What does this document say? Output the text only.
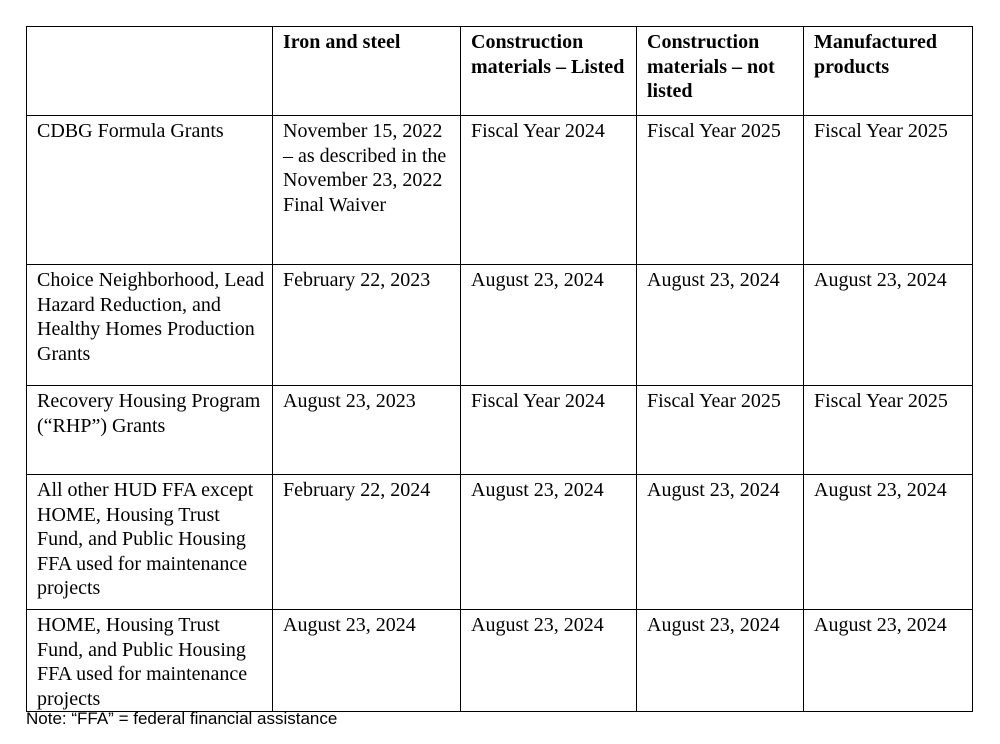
	Iron and steel	Construction materials – Listed	Construction materials – not listed	Manufactured products
CDBG Formula Grants	November 15, 2022 – as described in the November 23, 2022 Final Waiver	Fiscal Year 2024	Fiscal Year 2025	Fiscal Year 2025
Choice Neighborhood, Lead Hazard Reduction, and Healthy Homes Production Grants	February 22, 2023	August 23, 2024	August 23, 2024	August 23, 2024
Recovery Housing Program (“RHP”) Grants	August 23, 2023	Fiscal Year 2024	Fiscal Year 2025	Fiscal Year 2025
All other HUD FFA except HOME, Housing Trust Fund, and Public Housing FFA used for maintenance projects	February 22, 2024	August 23, 2024	August 23, 2024	August 23, 2024
HOME, Housing Trust Fund, and Public Housing FFA used for maintenance projects	August 23, 2024	August 23, 2024	August 23, 2024	August 23, 2024
Note: “FFA” = federal financial assistance
